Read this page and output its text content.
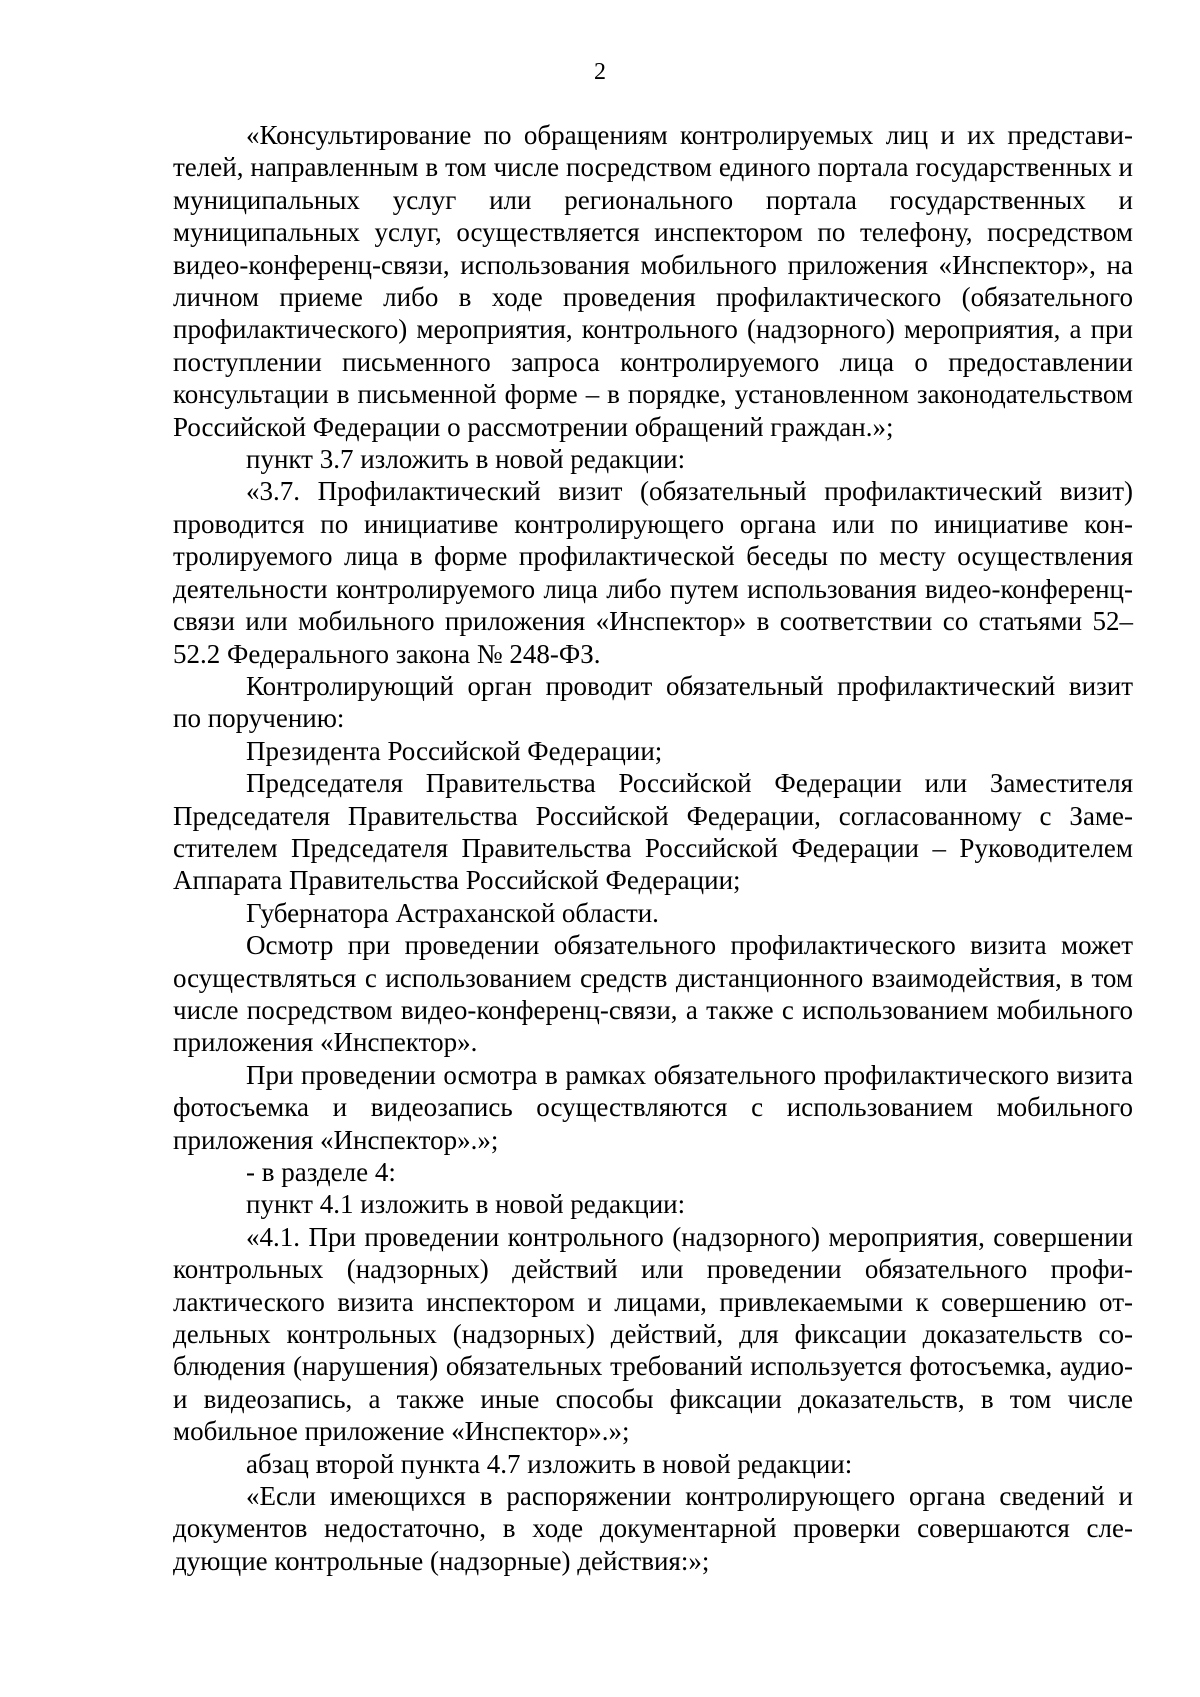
2

«Консультирование по обращениям контролируемых лиц и их представителей, направленным в том числе посредством единого портала государственных и муниципальных услуг или регионального портала государственных и муниципальных услуг, осуществляется инспектором по телефону, посредством видео-конференц-связи, использования мобильного приложения «Инспектор», на личном приеме либо в ходе проведения профилактического (обязательного профилактического) мероприятия, контрольного (надзорного) мероприятия, а при поступлении письменного запроса контролируемого лица о предоставлении консультации в письменной форме – в порядке, установленном законодательством Российской Федерации о рассмотрении обращений граждан.»;

пункт 3.7 изложить в новой редакции:

«3.7. Профилактический визит (обязательный профилактический визит) проводится по инициативе контролирующего органа или по инициативе контролируемого лица в форме профилактической беседы по месту осуществления деятельности контролируемого лица либо путем использования видео-конференц-связи или мобильного приложения «Инспектор» в соответствии со статьями 52–52.2 Федерального закона № 248-ФЗ.

Контролирующий орган проводит обязательный профилактический визит по поручению:

Президента Российской Федерации;

Председателя Правительства Российской Федерации или Заместителя Председателя Правительства Российской Федерации, согласованному с Заместителем Председателя Правительства Российской Федерации – Руководителем Аппарата Правительства Российской Федерации;

Губернатора Астраханской области.

Осмотр при проведении обязательного профилактического визита может осуществляться с использованием средств дистанционного взаимодействия, в том числе посредством видео-конференц-связи, а также с использованием мобильного приложения «Инспектор».

При проведении осмотра в рамках обязательного профилактического визита фотосъемка и видеозапись осуществляются с использованием мобильного приложения «Инспектор».»;

- в разделе 4:

пункт 4.1 изложить в новой редакции:

«4.1. При проведении контрольного (надзорного) мероприятия, совершении контрольных (надзорных) действий или проведении обязательного профилактического визита инспектором и лицами, привлекаемыми к совершению отдельных контрольных (надзорных) действий, для фиксации доказательств соблюдения (нарушения) обязательных требований используется фотосъемка, аудио- и видеозапись, а также иные способы фиксации доказательств, в том числе мобильное приложение «Инспектор».»;

абзац второй пункта 4.7 изложить в новой редакции:

«Если имеющихся в распоряжении контролирующего органа сведений и документов недостаточно, в ходе документарной проверки совершаются следующие контрольные (надзорные) действия:»;
